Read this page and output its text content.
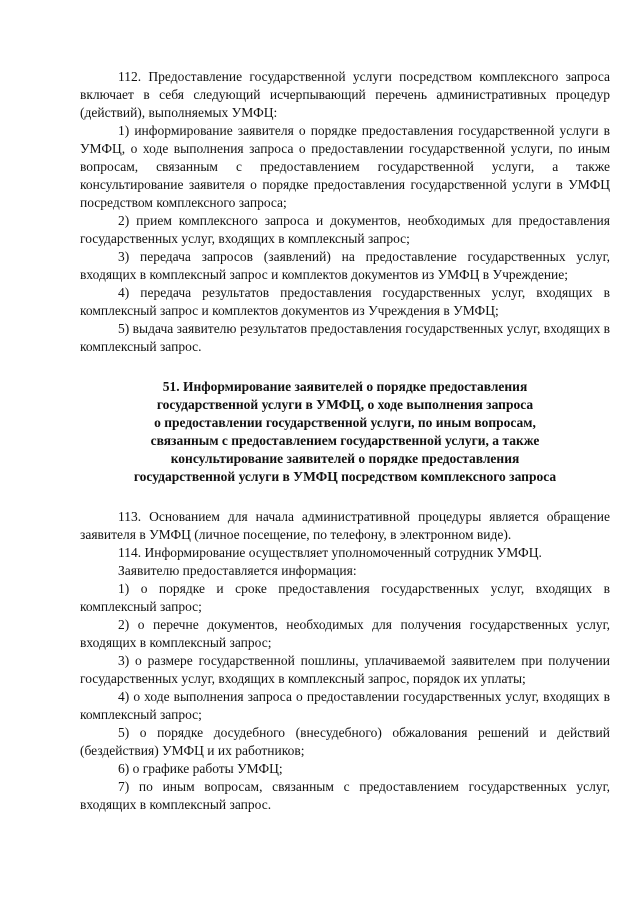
112. Предоставление государственной услуги посредством комплексного запроса включает в себя следующий исчерпывающий перечень административных процедур (действий), выполняемых УМФЦ:

1) информирование заявителя о порядке предоставления государственной услуги в УМФЦ, о ходе выполнения запроса о предоставлении государственной услуги, по иным вопросам, связанным с предоставлением государственной услуги, а также консультирование заявителя о порядке предоставления государственной услуги в УМФЦ посредством комплексного запроса;

2) прием комплексного запроса и документов, необходимых для предоставления государственных услуг, входящих в комплексный запрос;

3) передача запросов (заявлений) на предоставление государственных услуг, входящих в комплексный запрос и комплектов документов из УМФЦ в Учреждение;

4) передача результатов предоставления государственных услуг, входящих в комплексный запрос и комплектов документов из Учреждения в УМФЦ;

5) выдача заявителю результатов предоставления государственных услуг, входящих в комплексный запрос.

51. Информирование заявителей о порядке предоставления
государственной услуги в УМФЦ, о ходе выполнения запроса
о предоставлении государственной услуги, по иным вопросам,
связанным с предоставлением государственной услуги, а также
консультирование заявителей о порядке предоставления
государственной услуги в УМФЦ посредством комплексного запроса

113. Основанием для начала административной процедуры является обращение заявителя в УМФЦ (личное посещение, по телефону, в электронном виде).

114. Информирование осуществляет уполномоченный сотрудник УМФЦ.

Заявителю предоставляется информация:

1) о порядке и сроке предоставления государственных услуг, входящих в комплексный запрос;

2) о перечне документов, необходимых для получения государственных услуг, входящих в комплексный запрос;

3) о размере государственной пошлины, уплачиваемой заявителем при получении государственных услуг, входящих в комплексный запрос, порядок их уплаты;

4) о ходе выполнения запроса о предоставлении государственных услуг, входящих в комплексный запрос;

5) о порядке досудебного (внесудебного) обжалования решений и действий (бездействия) УМФЦ и их работников;

6) о графике работы УМФЦ;

7) по иным вопросам, связанным с предоставлением государственных услуг, входящих в комплексный запрос.
